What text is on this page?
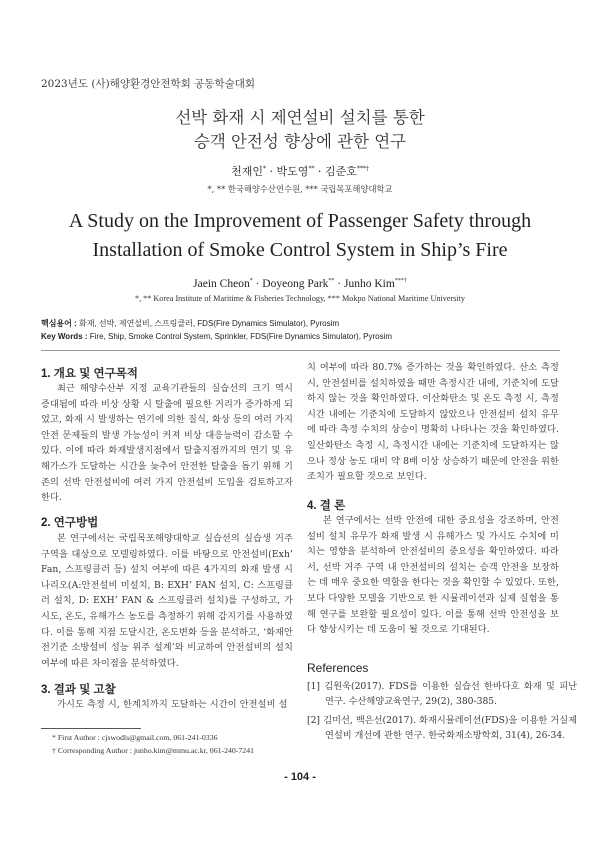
2023년도 (사)해양환경안전학회 공동학술대회
선박 화재 시 제연설비 설치를 통한
승객 안전성 향상에 관한 연구
천재인* · 박도영** · 김준호***†
*, ** 한국해양수산연수원, *** 국립목포해양대학교
A Study on the Improvement of Passenger Safety through
Installation of Smoke Control System in Ship’s Fire
Jaein Cheon* · Doyeong Park** · Junho Kim***†
*, ** Korea Institute of Maritime & Fisheries Technology, *** Mokpo National Maritime University
핵심용어 : 화재, 선박, 제연설비, 스프링클러, FDS(Fire Dynamics Simulator), Pyrosim
Key Words : Fire, Ship, Smoke Control System, Sprinkler, FDS(Fire Dynamics Simulator), Pyrosim
1. 개요 및 연구목적
최근 해양수산부 지정 교육기관들의 실습선의 크기 역시 증대됨에 따라 비상 상황 시 탈출에 필요한 거리가 증가하게 되었고, 화재 시 발생하는 연기에 의한 질식, 화상 등의 여러 가지 안전 문제들의 발생 가능성이 커져 비상 대응능력이 감소할 수 있다. 이에 따라 화재발생지점에서 탈출지점까지의 연기 및 유해가스가 도달하는 시간을 늦추어 안전한 탈출을 돕기 위해 기존의 선박 안전설비에 여러 가지 안전설비 도입을 검토하고자 한다.
2. 연구방법
본 연구에서는 국립목포해양대학교 실습선의 실습생 거주 구역을 대상으로 모델링하였다. 이를 바탕으로 안전설비(Exh’ Fan, 스프링클러 등) 설치 여부에 따른 4가지의 화재 발생 시나리오(A:안전설비 미설치, B: EXH’ FAN 설치, C: 스프링클러 설치, D: EXH’ FAN & 스프링클러 설치)를 구성하고, 가시도, 온도, 유해가스 농도를 측정하기 위해 감지기를 사용하였다. 이를 통해 지점 도달시간, 온도변화 등을 분석하고, ‘화재안전기준 소방설비 성능 위주 설계’와 비교하여 안전설비의 설치 여부에 따른 차이점을 분석하였다.
3. 결과 및 고찰
가시도 측정 시, 한계치까지 도달하는 시간이 안전설비 설
* First Author : cjswodls@gmail.com, 061-241-0336
† Corresponding Author : junho.kim@mmu.ac.kr, 061-240-7241
치 여부에 따라 80.7% 증가하는 것을 확인하였다. 산소 측정 시, 안전설비를 설치하였을 때만 측정시간 내에, 기준치에 도달하지 않는 것을 확인하였다. 이산화탄소 및 온도 측정 시, 측정시간 내에는 기준치에 도달하지 않았으나 안전설비 설치 유무에 따라 측정 수치의 상승이 명확히 나타나는 것을 확인하였다. 일산화탄소 측정 시, 측정시간 내에는 기준치에 도달하지는 않으나 정상 농도 대비 약 8배 이상 상승하기 때문에 안전을 위한 조치가 필요할 것으로 보인다.
4. 결 론
본 연구에서는 선박 안전에 대한 중요성을 강조하며, 안전설비 설치 유무가 화재 발생 시 유해가스 및 가시도 수치에 미치는 영향을 분석하여 안전설비의 중요성을 확인하였다. 따라서, 선박 거주 구역 내 안전설비의 설치는 승객 안전을 보장하는 데 매우 중요한 역할을 한다는 것을 확인할 수 있었다. 또한, 보다 다양한 모델을 기반으로 한 시뮬레이션과 실제 실험을 통해 연구를 보완할 필요성이 있다. 이를 통해 선박 안전성을 보다 향상시키는 데 도움이 될 것으로 기대된다.
References
[1] 김원욱(2017). FDS를 이용한 실습선 한바다호 화재 및 피난 연구. 수산해양교육연구, 29(2), 380-385.
[2] 김미선, 백은선(2017). 화재시뮬레이션(FDS)을 이용한 거실제연설비 개선에 관한 연구. 한국화재소방학회, 31(4), 26-34.
- 104 -
